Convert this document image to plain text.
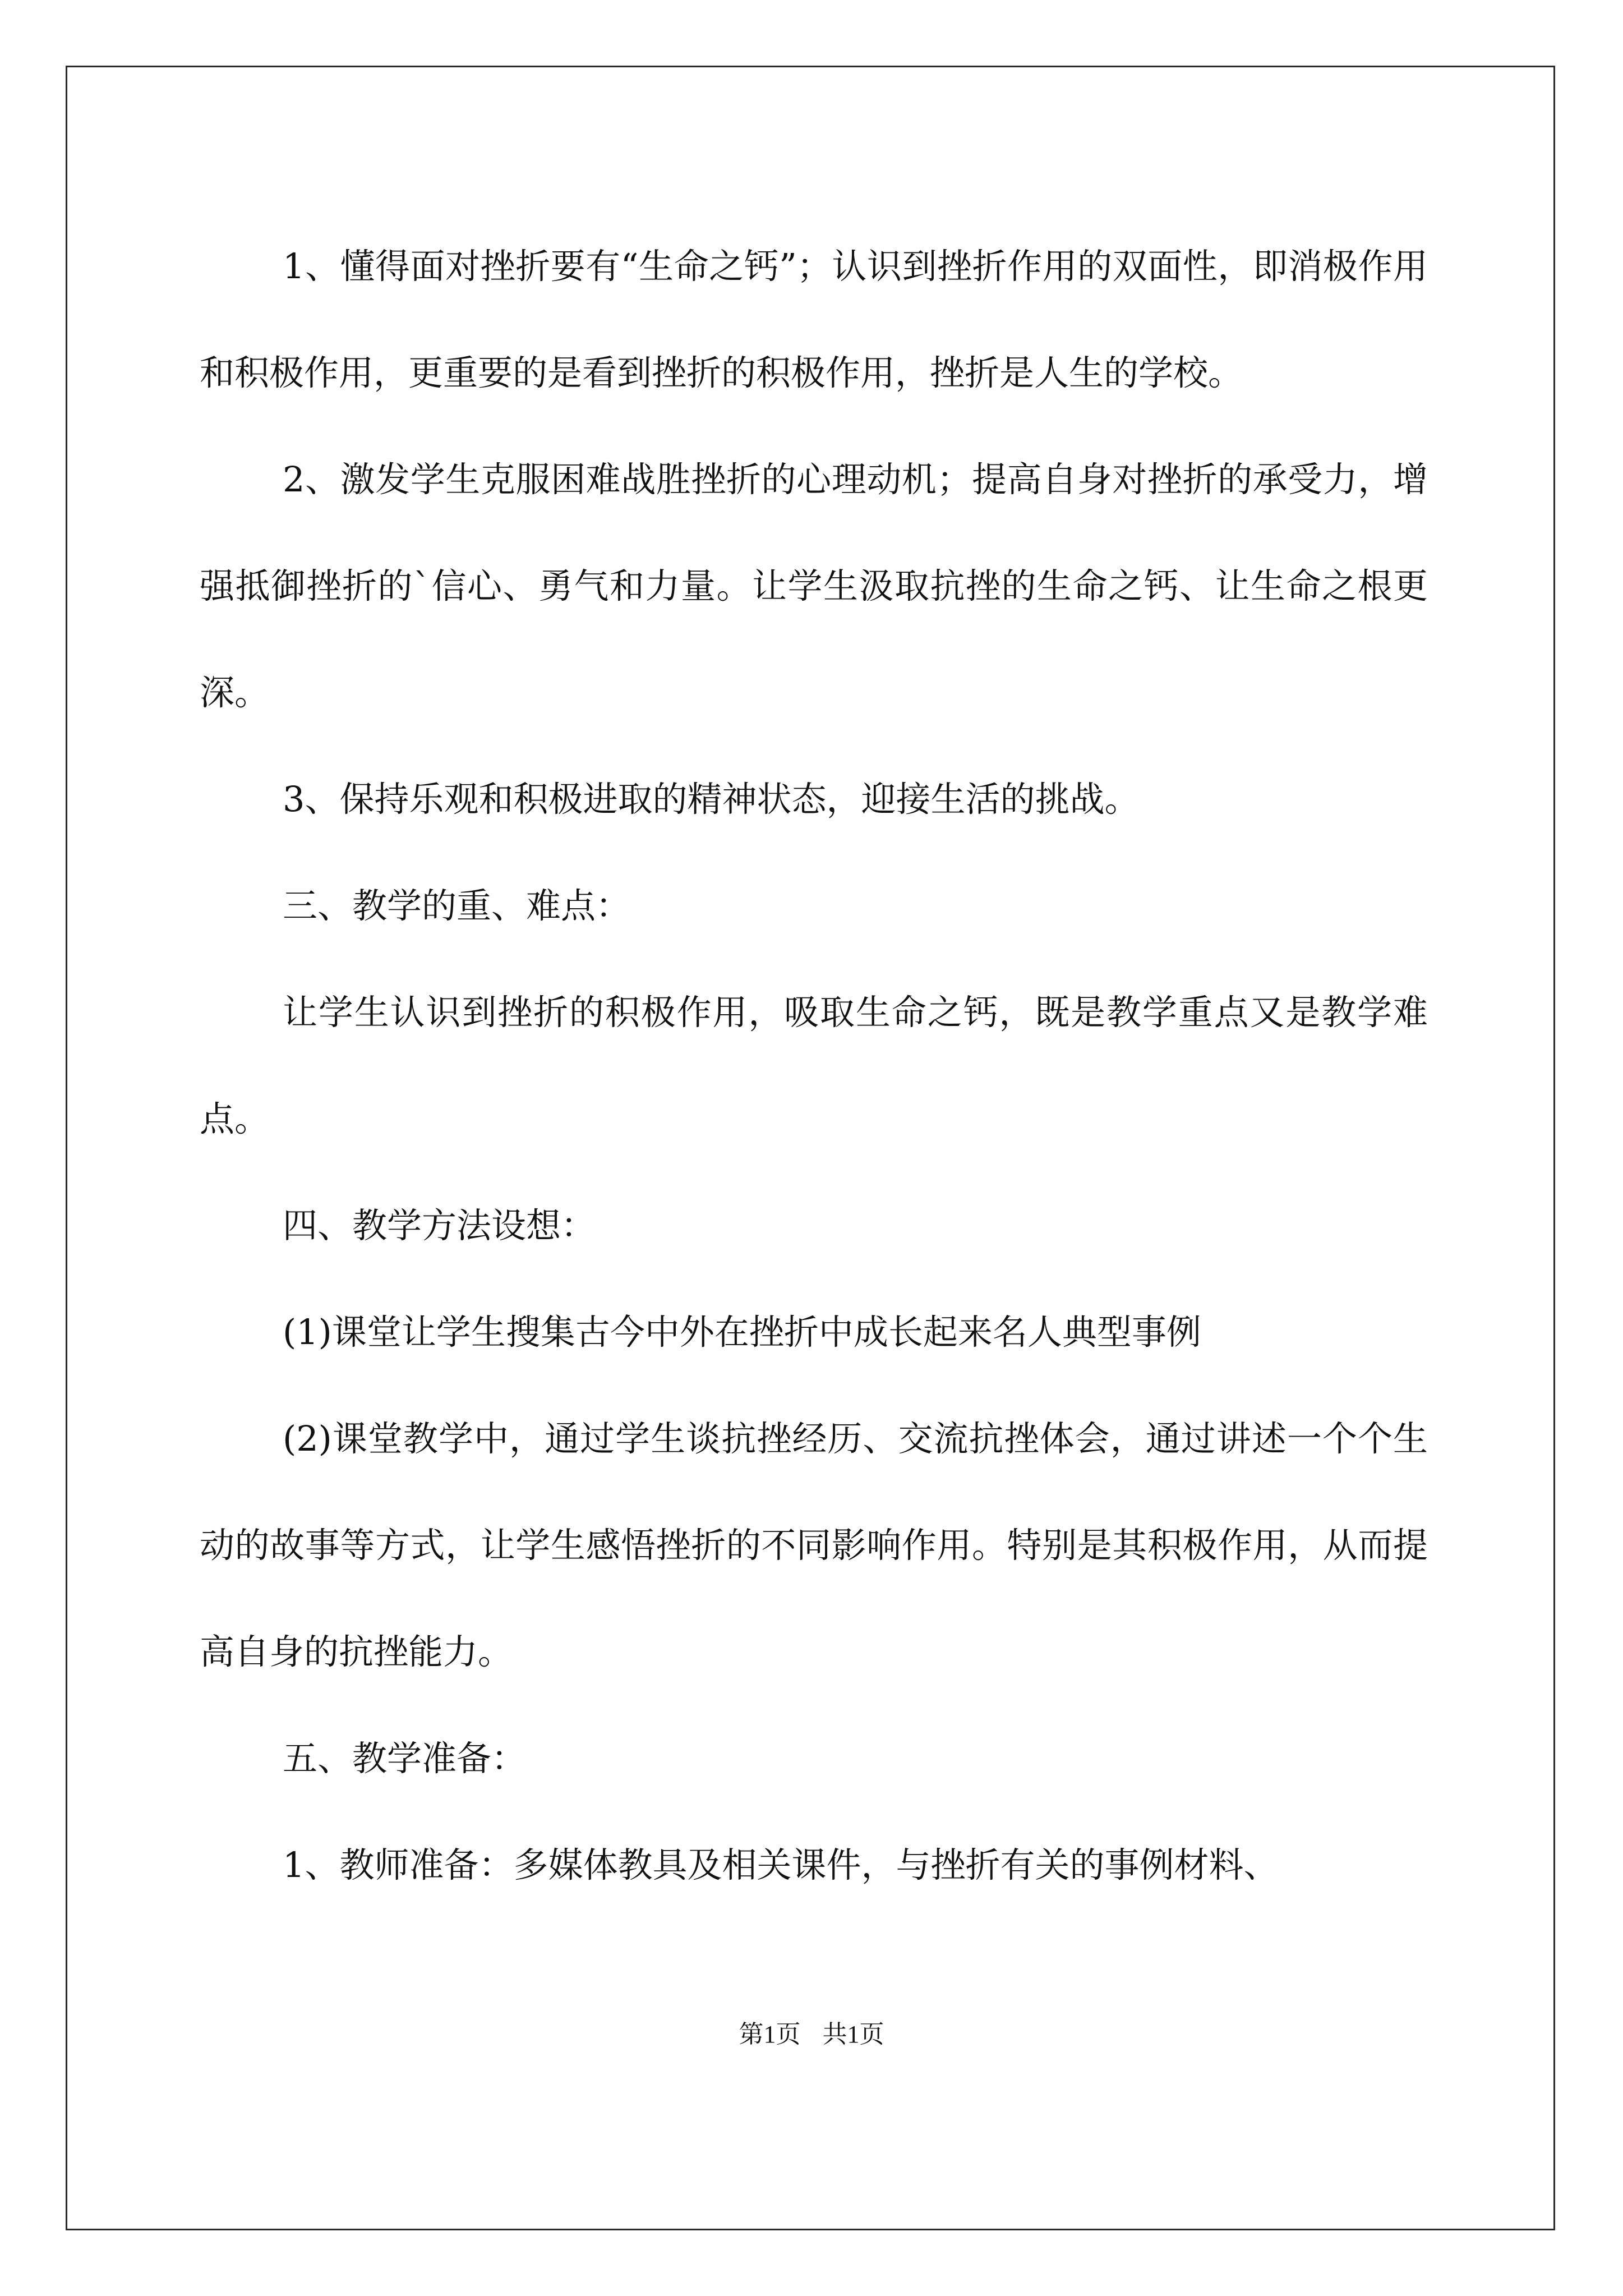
1、懂得面对挫折要有“生命之钙”；认识到挫折作用的双面性，即消极作用和积极作用，更重要的是看到挫折的积极作用，挫折是人生的学校。

2、激发学生克服困难战胜挫折的心理动机；提高自身对挫折的承受力，增强抵御挫折的`信心、勇气和力量。让学生汲取抗挫的生命之钙、让生命之根更深。

3、保持乐观和积极进取的精神状态，迎接生活的挑战。

三、教学的重、难点：

让学生认识到挫折的积极作用，吸取生命之钙，既是教学重点又是教学难点。

四、教学方法设想：

(1)课堂让学生搜集古今中外在挫折中成长起来名人典型事例

(2)课堂教学中，通过学生谈抗挫经历、交流抗挫体会，通过讲述一个个生动的故事等方式，让学生感悟挫折的不同影响作用。特别是其积极作用，从而提高自身的抗挫能力。

五、教学准备：

1、教师准备：多媒体教具及相关课件，与挫折有关的事例材料、

第1页 共1页
